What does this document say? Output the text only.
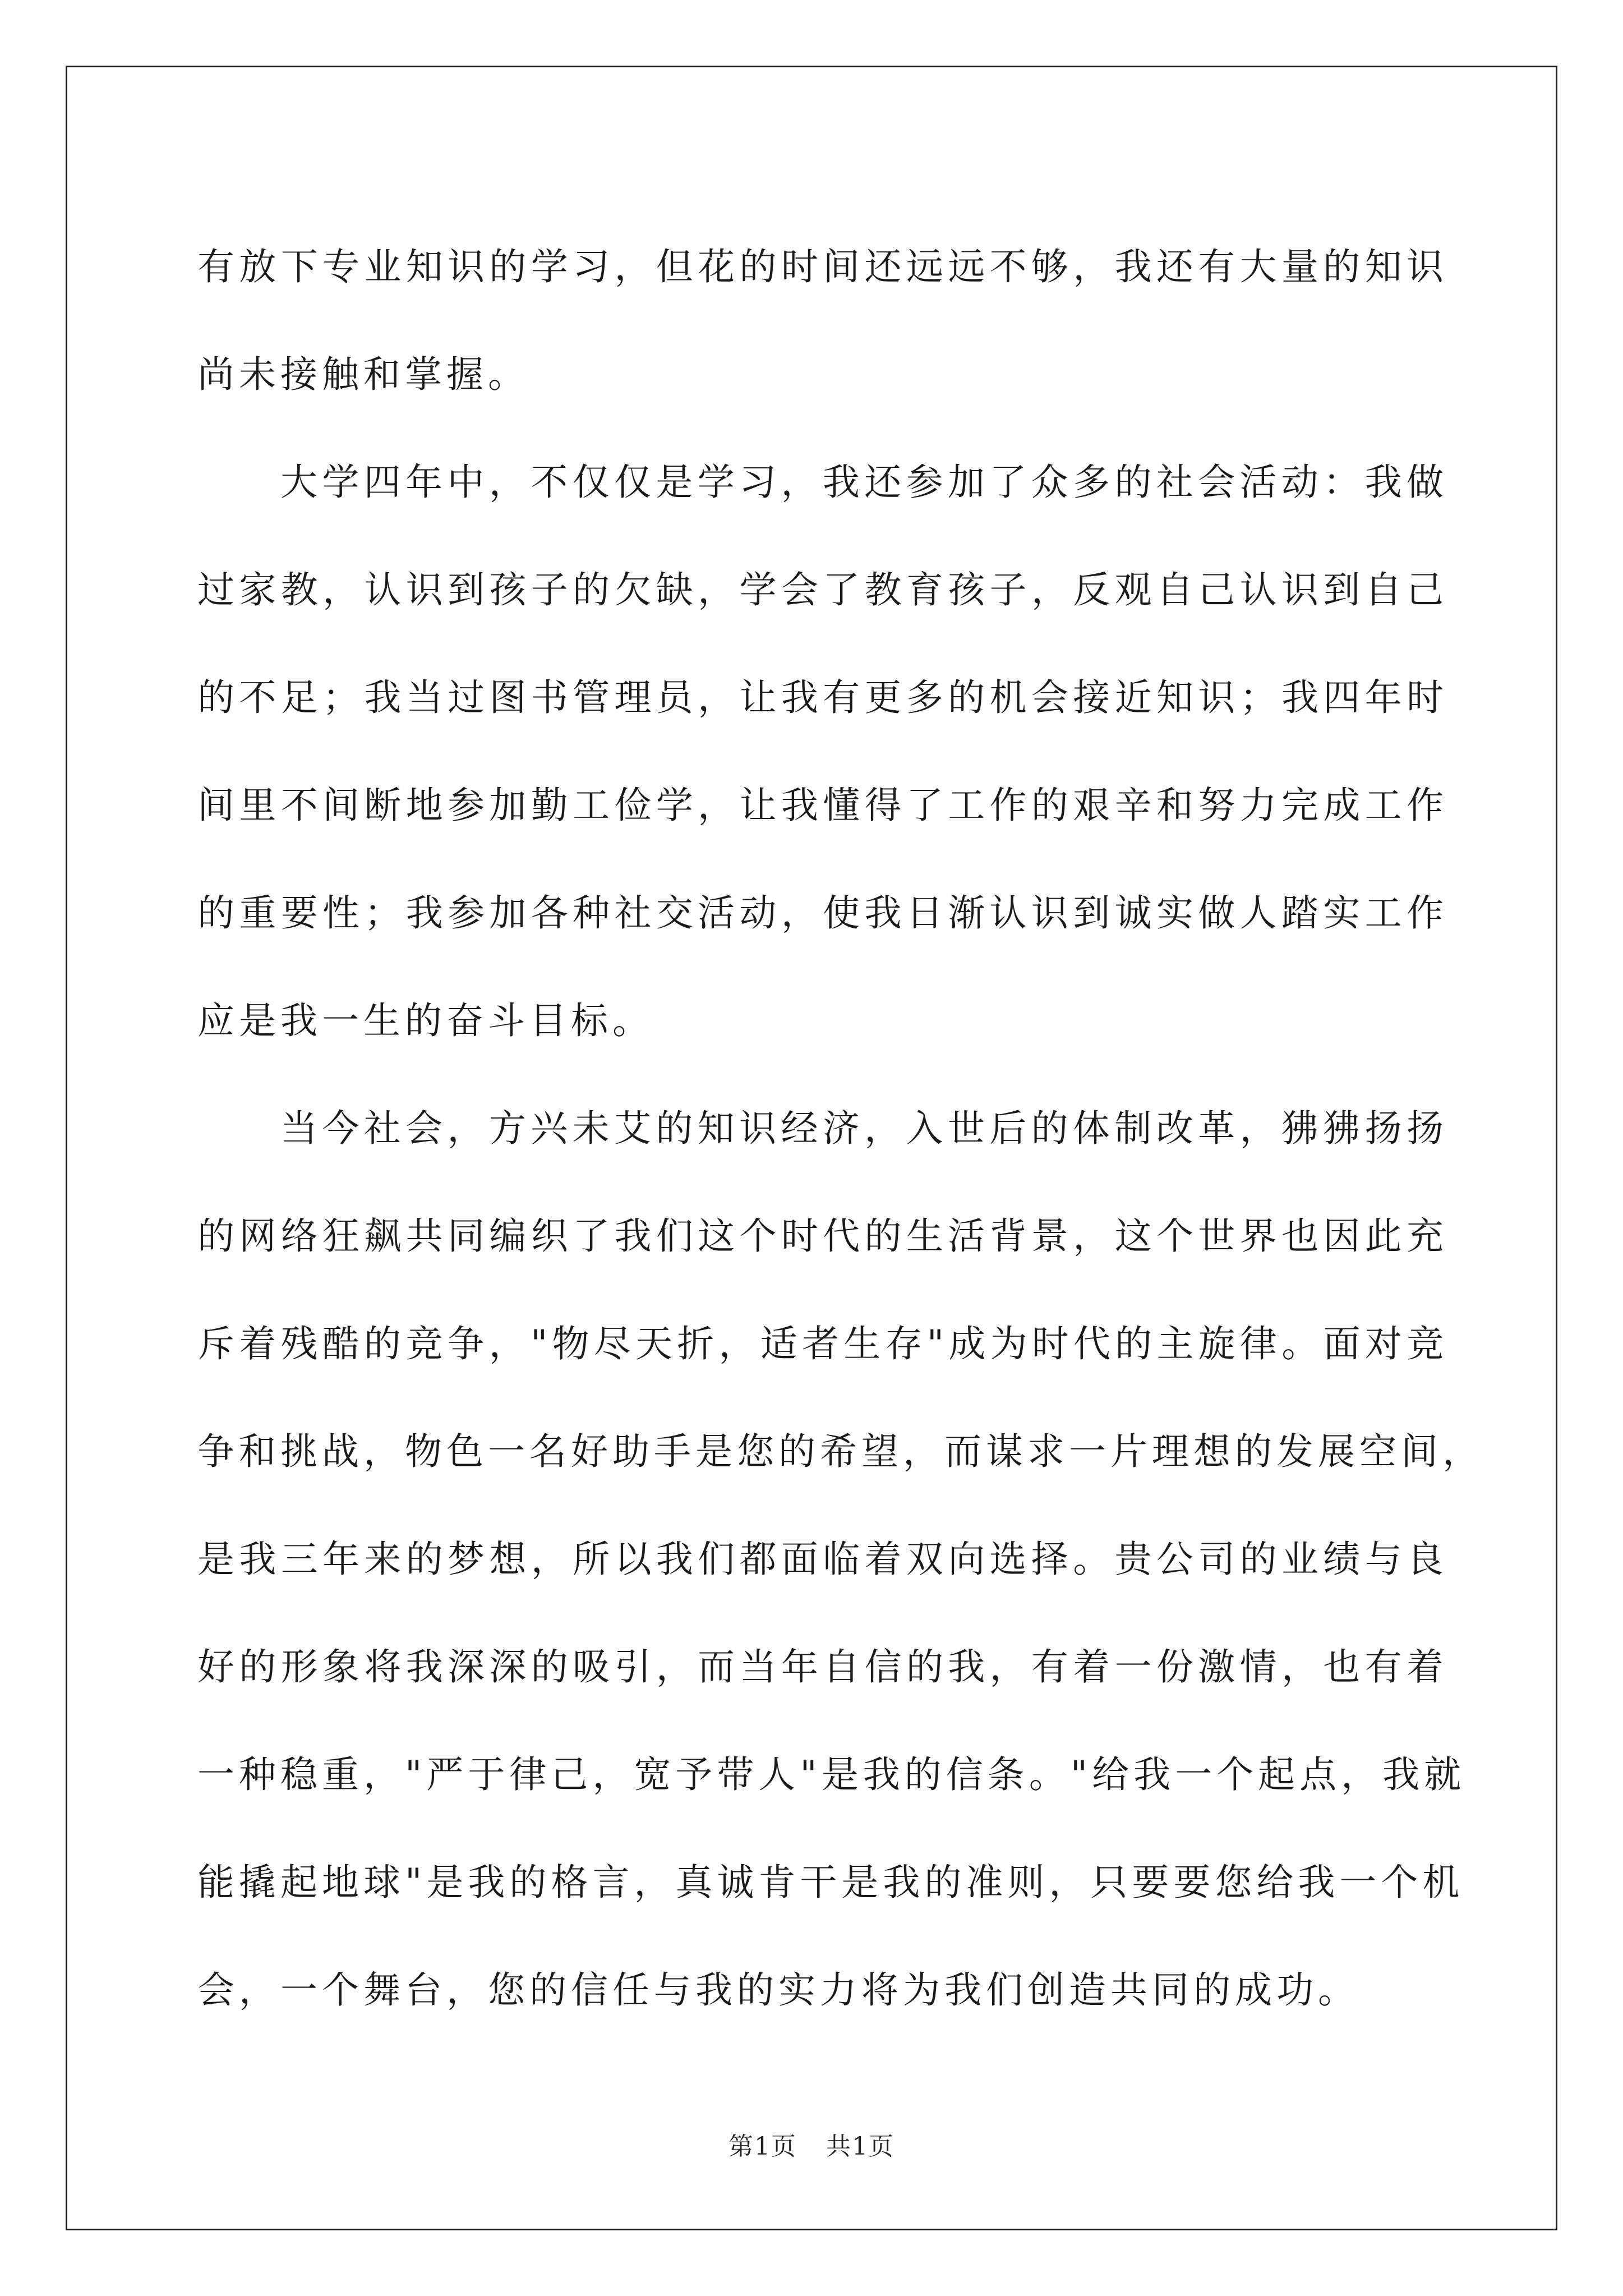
有放下专业知识的学习，但花的时间还远远不够，我还有大量的知识
尚未接触和掌握。
大学四年中，不仅仅是学习，我还参加了众多的社会活动：我做
过家教，认识到孩子的欠缺，学会了教育孩子，反观自己认识到自己
的不足；我当过图书管理员，让我有更多的机会接近知识；我四年时
间里不间断地参加勤工俭学，让我懂得了工作的艰辛和努力完成工作
的重要性；我参加各种社交活动，使我日渐认识到诚实做人踏实工作
应是我一生的奋斗目标。
当今社会，方兴未艾的知识经济，入世后的体制改革，狒狒扬扬
的网络狂飙共同编织了我们这个时代的生活背景，这个世界也因此充
斥着残酷的竞争，"物尽天折，适者生存"成为时代的主旋律。面对竞
争和挑战，物色一名好助手是您的希望，而谋求一片理想的发展空间，
是我三年来的梦想，所以我们都面临着双向选择。贵公司的业绩与良
好的形象将我深深的吸引，而当年自信的我，有着一份激情，也有着
一种稳重，"严于律己，宽予带人"是我的信条。"给我一个起点，我就
能撬起地球"是我的格言，真诚肯干是我的准则，只要要您给我一个机
会，一个舞台，您的信任与我的实力将为我们创造共同的成功。
第1页 共1页
